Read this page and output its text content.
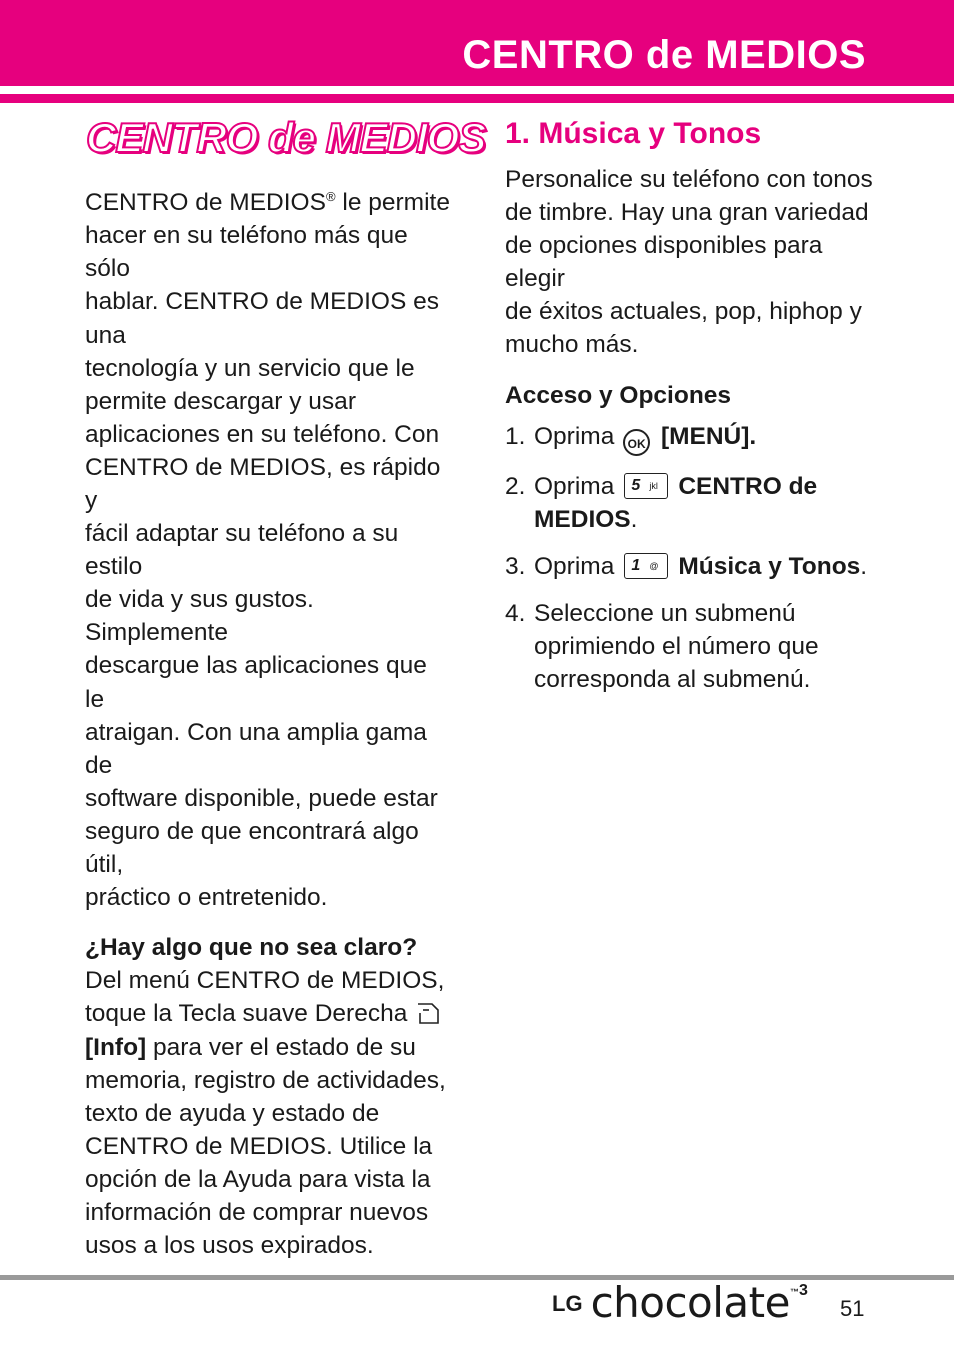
CENTRO de MEDIOS
CENTRO de MEDIOS

CENTRO de MEDIOS® le permite
hacer en su teléfono más que sólo
hablar. CENTRO de MEDIOS es una
tecnología y un servicio que le
permite descargar y usar
aplicaciones en su teléfono. Con
CENTRO de MEDIOS, es rápido y
fácil adaptar su teléfono a su estilo
de vida y sus gustos. Simplemente
descargue las aplicaciones que le
atraigan. Con una amplia gama de
software disponible, puede estar
seguro de que encontrará algo útil,
práctico o entretenido.

¿Hay algo que no sea claro?

Del menú CENTRO de MEDIOS,
toque la Tecla suave Derecha
[Info] para ver el estado de su
memoria, registro de actividades,
texto de ayuda y estado de
CENTRO de MEDIOS. Utilice la
opción de la Ayuda para vista la
información de comprar nuevos
usos a los usos expirados.

1. Música y Tonos

Personalice su teléfono con tonos
de timbre. Hay una gran variedad
de opciones disponibles para elegir
de éxitos actuales, pop, hiphop y
mucho más.

Acceso y Opciones

1. Oprima OK [MENÚ].
2. Oprima 5 jkl CENTRO de
MEDIOS.
3. Oprima 1 @ Música y Tonos.
4. Seleccione un submenú
oprimiendo el número que
corresponda al submenú.
LG chocolate™3
51
